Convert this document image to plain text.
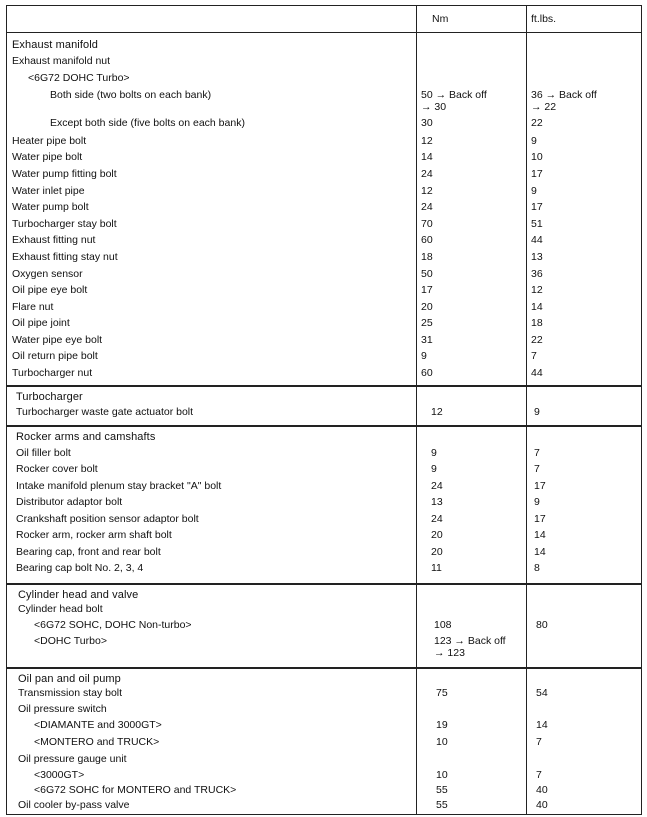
Nm	ft.lbs.
Exhaust manifold
Exhaust manifold nut
<6G72 DOHC Turbo>
Both side (two bolts on each bank)	50 → Back off	36 → Back off
→ 30	→ 22
Except both side (five bolts on each bank)	30	22
Heater pipe bolt	12	9
Water pipe bolt	14	10
Water pump fitting bolt	24	17
Water inlet pipe	12	9
Water pump bolt	24	17
Turbocharger stay bolt	70	51
Exhaust fitting nut	60	44
Exhaust fitting stay nut	18	13
Oxygen sensor	50	36
Oil pipe eye bolt	17	12
Flare nut	20	14
Oil pipe joint	25	18
Water pipe eye bolt	31	22
Oil return pipe bolt	9	7
Turbocharger nut	60	44
Turbocharger
Turbocharger waste gate actuator bolt	12	9
Rocker arms and camshafts
Oil filler bolt	9	7
Rocker cover bolt	9	7
Intake manifold plenum stay bracket "A" bolt	24	17
Distributor adaptor bolt	13	9
Crankshaft position sensor adaptor bolt	24	17
Rocker arm, rocker arm shaft bolt	20	14
Bearing cap, front and rear bolt	20	14
Bearing cap bolt No. 2, 3, 4	11	8
Cylinder head and valve
Cylinder head bolt
<6G72 SOHC, DOHC Non-turbo>	108	80
<DOHC Turbo>	123 → Back off
→ 123
Oil pan and oil pump
Transmission stay bolt	75	54
Oil pressure switch
<DIAMANTE and 3000GT>	19	14
<MONTERO and TRUCK>	10	7
Oil pressure gauge unit
<3000GT>	10	7
<6G72 SOHC for MONTERO and TRUCK>	55	40
Oil cooler by-pass valve	55	40
